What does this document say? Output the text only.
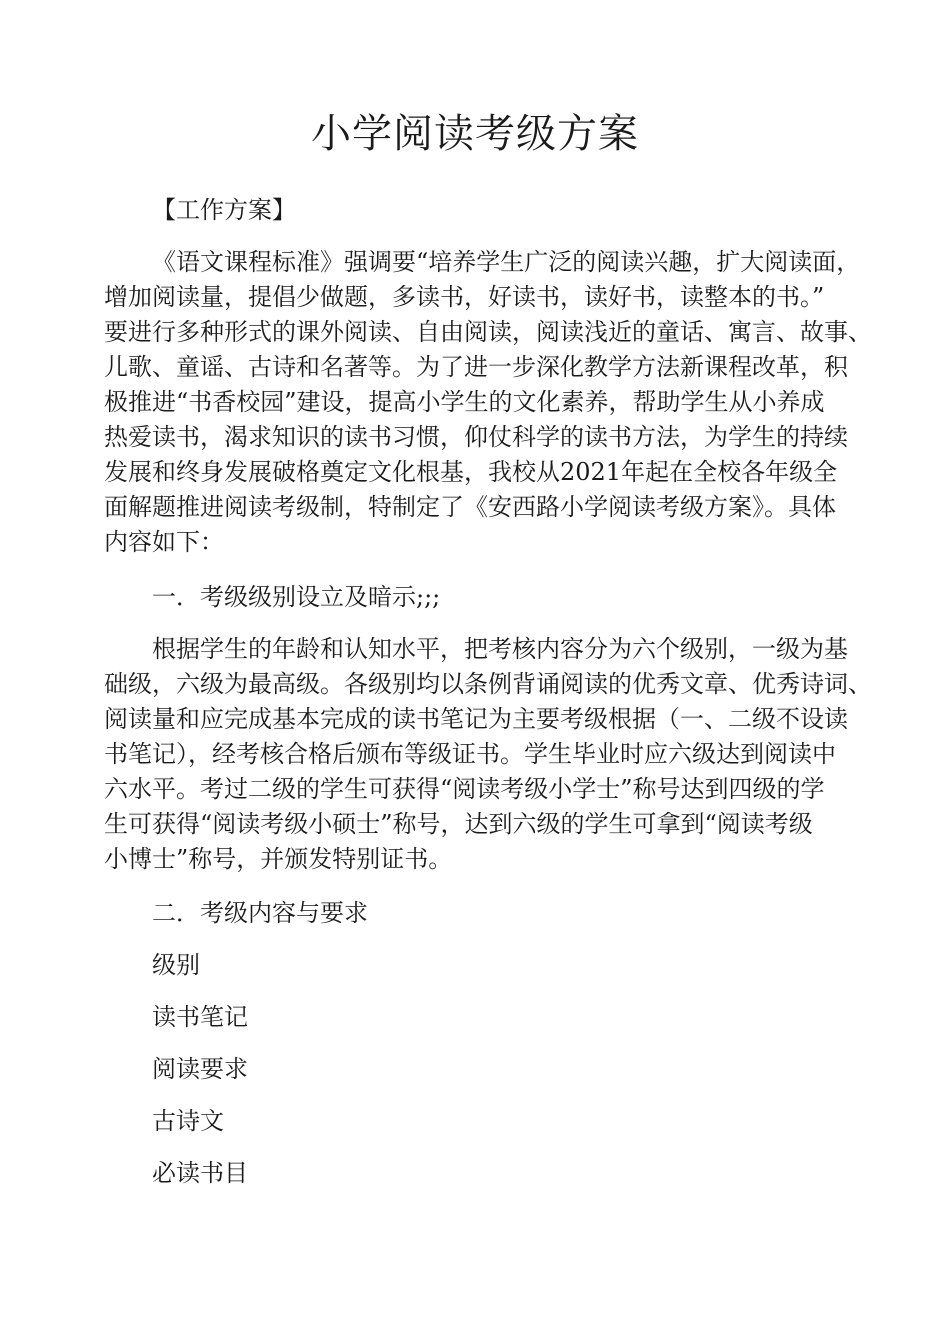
小学阅读考级方案

【工作方案】

《语文课程标准》强调要“培养学生广泛的阅读兴趣，扩大阅读面，

增加阅读量，提倡少做题，多读书，好读书，读好书，读整本的书。”

要进行多种形式的课外阅读、自由阅读，阅读浅近的童话、寓言、故事、

儿歌、童谣、古诗和名著等。为了进一步深化教学方法新课程改革，积

极推进“书香校园”建设，提高小学生的文化素养，帮助学生从小养成

热爱读书，渴求知识的读书习惯，仰仗科学的读书方法，为学生的持续

发展和终身发展破格奠定文化根基，我校从2021年起在全校各年级全

面解题推进阅读考级制，特制定了《安西路小学阅读考级方案》。具体

内容如下：

一．考级级别设立及暗示;;;

根据学生的年龄和认知水平，把考核内容分为六个级别，一级为基

础级，六级为最高级。各级别均以条例背诵阅读的优秀文章、优秀诗词、

阅读量和应完成基本完成的读书笔记为主要考级根据（一、二级不设读

书笔记），经考核合格后颁布等级证书。学生毕业时应六级达到阅读中

六水平。考过二级的学生可获得“阅读考级小学士”称号达到四级的学

生可获得“阅读考级小硕士”称号，达到六级的学生可拿到“阅读考级

小博士”称号，并颁发特别证书。

二．考级内容与要求

级别

读书笔记

阅读要求

古诗文

必读书目
